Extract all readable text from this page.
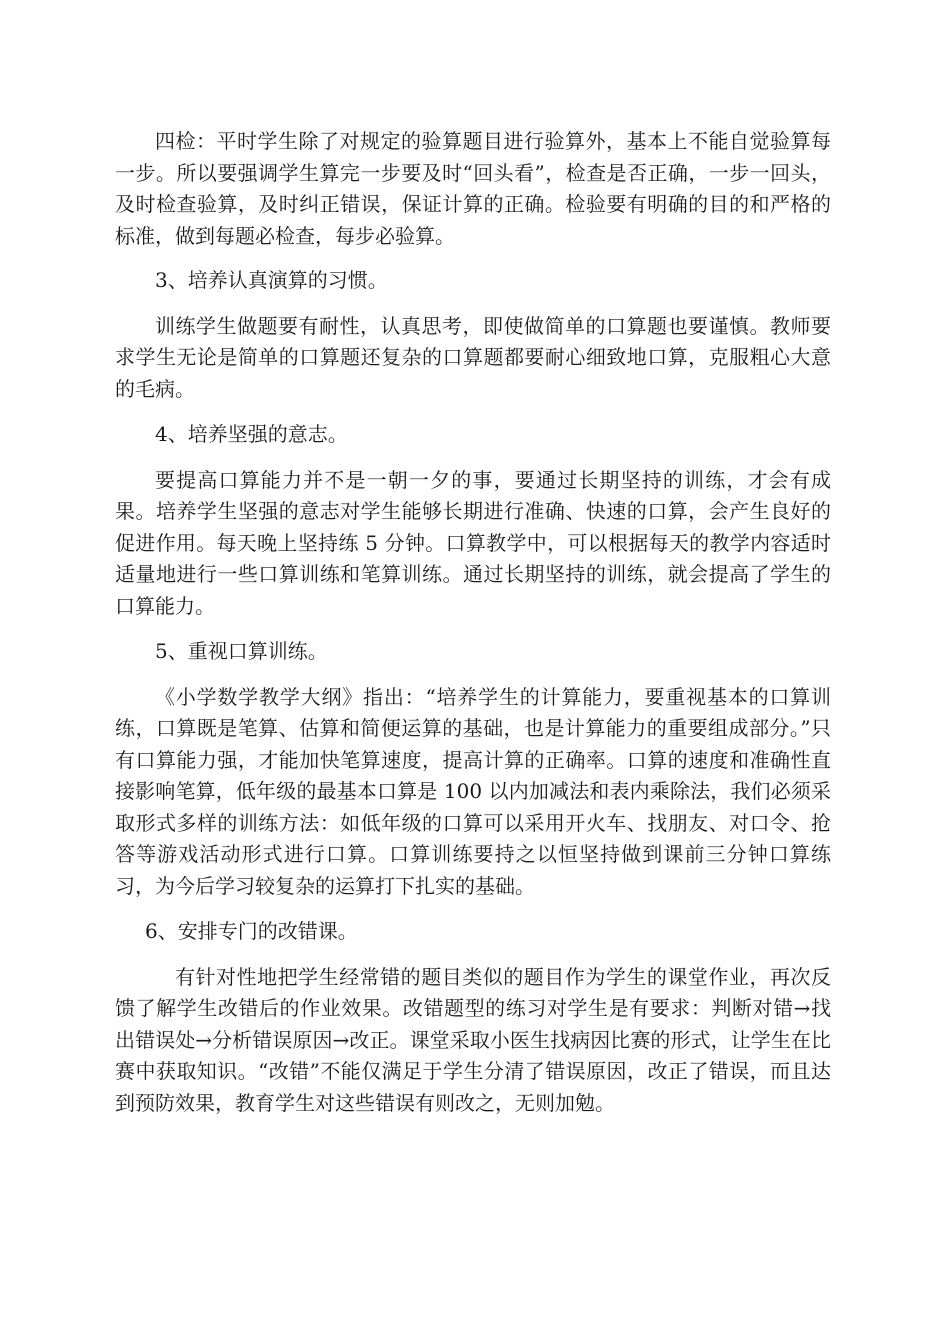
四检：平时学生除了对规定的验算题目进行验算外，基本上不能自觉验算每一步。所以要强调学生算完一步要及时“回头看”，检查是否正确，一步一回头，及时检查验算，及时纠正错误，保证计算的正确。检验要有明确的目的和严格的标准，做到每题必检查，每步必验算。

3、培养认真演算的习惯。

训练学生做题要有耐性，认真思考，即使做简单的口算题也要谨慎。教师要求学生无论是简单的口算题还复杂的口算题都要耐心细致地口算，克服粗心大意的毛病。

4、培养坚强的意志。

要提高口算能力并不是一朝一夕的事，要通过长期坚持的训练，才会有成果。培养学生坚强的意志对学生能够长期进行准确、快速的口算，会产生良好的促进作用。每天晚上坚持练 5 分钟。口算教学中，可以根据每天的教学内容适时适量地进行一些口算训练和笔算训练。通过长期坚持的训练，就会提高了学生的口算能力。

5、重视口算训练。

《小学数学教学大纲》指出：“培养学生的计算能力，要重视基本的口算训练，口算既是笔算、估算和简便运算的基础，也是计算能力的重要组成部分。”只有口算能力强，才能加快笔算速度，提高计算的正确率。口算的速度和准确性直接影响笔算，低年级的最基本口算是 100 以内加减法和表内乘除法，我们必须采取形式多样的训练方法：如低年级的口算可以采用开火车、找朋友、对口令、抢答等游戏活动形式进行口算。口算训练要持之以恒坚持做到课前三分钟口算练习，为今后学习较复杂的运算打下扎实的基础。

6、安排专门的改错课。

有针对性地把学生经常错的题目类似的题目作为学生的课堂作业，再次反馈了解学生改错后的作业效果。改错题型的练习对学生是有要求：判断对错→找出错误处→分析错误原因→改正。课堂采取小医生找病因比赛的形式，让学生在比赛中获取知识。“改错”不能仅满足于学生分清了错误原因，改正了错误，而且达到预防效果，教育学生对这些错误有则改之，无则加勉。
